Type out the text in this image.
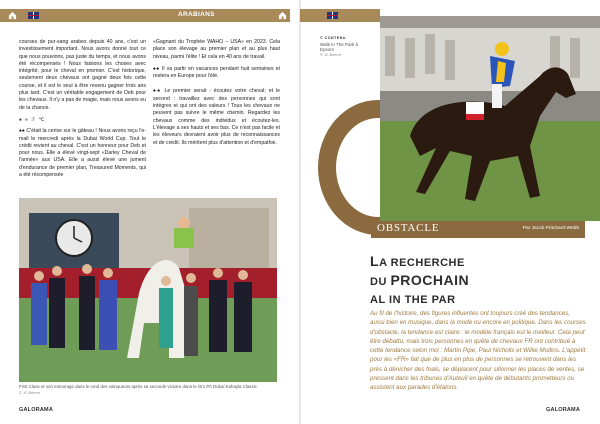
ARABIANS

courses de pur-sang arabes depuis 40 ans, c'est un investissement important. Nous avons donné tout ce que nous pouvions, pas juste du temps, et nous avons été récompensés ! Nous faisions les choses avec intégrité, pour le cheval en premier. C'est historique, seulement deux chevaux ont gagné deux fois cette course, et il est le seul à être revenu gagner trois ans plus tard. C'est un véritable engagement de Deb pour les chevaux. Il n'y a pas de magie, mais nous avons eu de la chance.

♠ ℮ ℱ ℃

♠♠ C'était la cerise sur le gâteau ! Nous avons reçu l'e-mail le mercredi après la Dubai World Cup. Tout le crédit revient au cheval. C'est un honneur pour Deb et pour nous. Elle a élevé vingt-sept «Darley Cheval de l'année» aux USA. Elle a aussi élevé une jument d'endurance de premier plan, Treasured Moments, qui a été récompensée

«Gagnant du Trophée WAHO – USA» en 2023. Cela place son élevage au premier plan et au plus haut niveau, parmi l'élite ! Et cela en 40 ans de travail.

♠♠ Il va partir en vacances pendant huit semaines et restera en Europe pour l'été.

♠♠ Le premier serait : écoutez votre cheval; et le second : travaillez avec des personnes qui sont intègres et qui ont des valeurs ! Tous les chevaux ne peuvent pas suivre le même chemin. Regardez les chevaux comme des individus et écoutez-les. L'élevage a ses hauts et ses bas. Ce n'est pas facile et les éleveurs devraient avoir plus de reconnaissances et de crédit. Ils méritent plus d'attention et d'empathie.

First Class et son entourage dans le rond des vainqueurs après sa seconde victoire dans le Gr1 PA Dubai Kahayla Classic
© JC Brierre
© CONTENU
Walk In The Park à Epsom
© JC Brierre
OBSTACLE	Par Jacob Pritchard-Webb
LA RECHERCHE
DU PROCHAIN
AL IN THE PAR
Au fil de l'histoire, des figures influentes ont toujours créé des tendances, aussi bien en musique, dans la mode ou encore en politique. Dans les courses d'obstacle, la tendance est claire : le modèle français est le meilleur. Cela peut être débattu, mais trois personnes en quête de chevaux FR ont contribué à cette tendance selon moi : Martin Pipe, Paul Nicholls et Willie Mullins. L'appétit pour les «FR» fait que de plus en plus de personnes se retrouvent dans les prés à dénicher des foals, se déplacent pour sillonner les places de ventes, se pressent dans les tribunes d'Auteuil en quête de débutants prometteurs ou assistent aux parades d'étalons.
GALORAMA	GALORAMA
